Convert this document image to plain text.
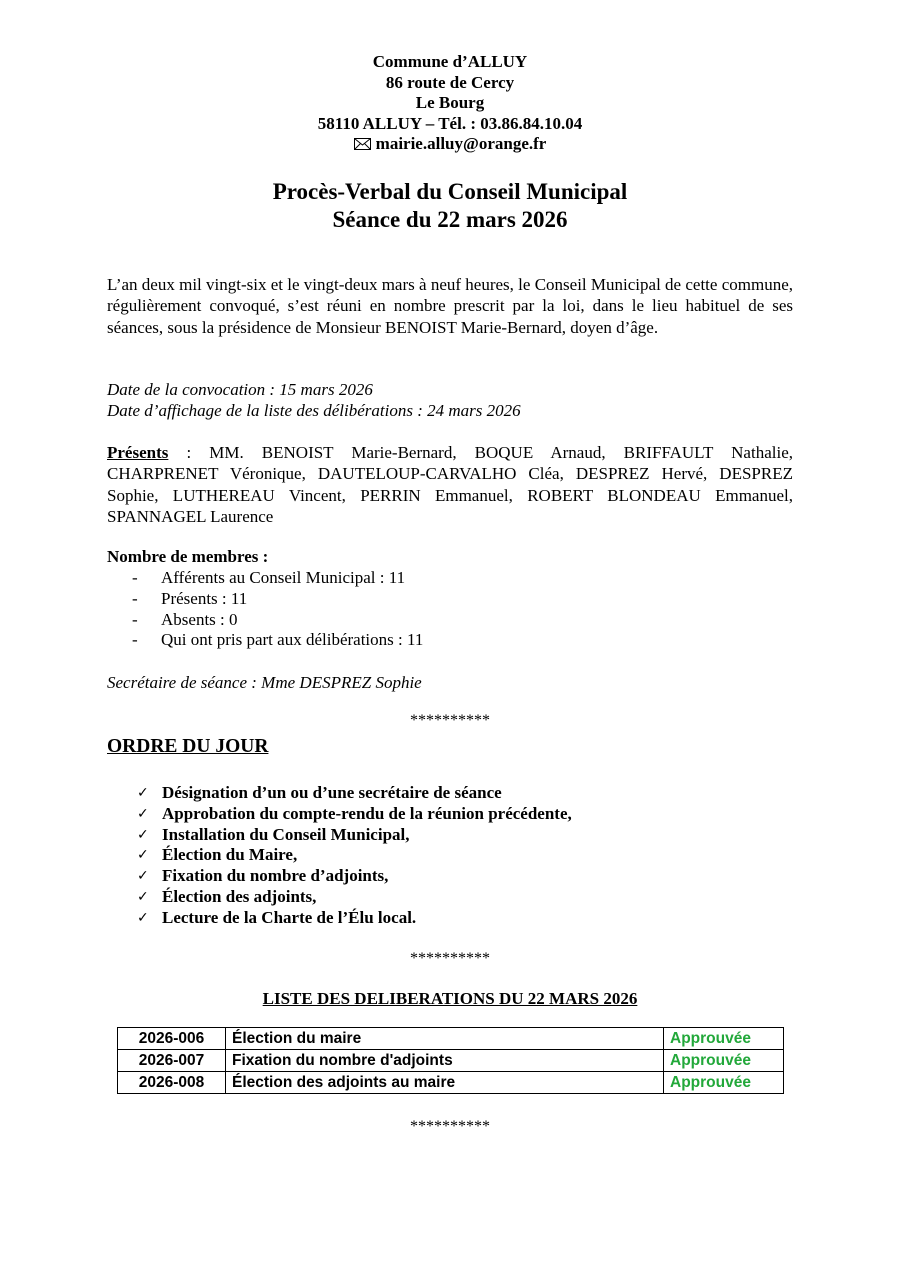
Commune d’ALLUY
86 route de Cercy
Le Bourg
58110 ALLUY – Tél. : 03.86.84.10.04
mairie.alluy@orange.fr
Procès-Verbal du Conseil Municipal
Séance du 22 mars 2026
L’an deux mil vingt-six et le vingt-deux mars à neuf heures, le Conseil Municipal de cette commune, régulièrement convoqué, s’est réuni en nombre prescrit par la loi, dans le lieu habituel de ses séances, sous la présidence de Monsieur BENOIST Marie-Bernard, doyen d’âge.
Date de la convocation : 15 mars 2026
Date d’affichage de la liste des délibérations : 24 mars 2026
Présents : MM. BENOIST Marie-Bernard, BOQUE Arnaud, BRIFFAULT Nathalie, CHARPRENET Véronique, DAUTELOUP-CARVALHO Cléa, DESPREZ Hervé, DESPREZ Sophie, LUTHEREAU Vincent, PERRIN Emmanuel, ROBERT BLONDEAU Emmanuel, SPANNAGEL Laurence
Nombre de membres :
- Afférents au Conseil Municipal : 11
- Présents : 11
- Absents : 0
- Qui ont pris part aux délibérations : 11
Secrétaire de séance : Mme DESPREZ Sophie
**********
ORDRE DU JOUR
✓ Désignation d’un ou d’une secrétaire de séance
✓ Approbation du compte-rendu de la réunion précédente,
✓ Installation du Conseil Municipal,
✓ Élection du Maire,
✓ Fixation du nombre d’adjoints,
✓ Élection des adjoints,
✓ Lecture de la Charte de l’Élu local.
**********
LISTE DES DELIBERATIONS DU 22 MARS 2026
2026-006	Élection du maire	Approuvée
2026-007	Fixation du nombre d'adjoints	Approuvée
2026-008	Élection des adjoints au maire	Approuvée
**********
